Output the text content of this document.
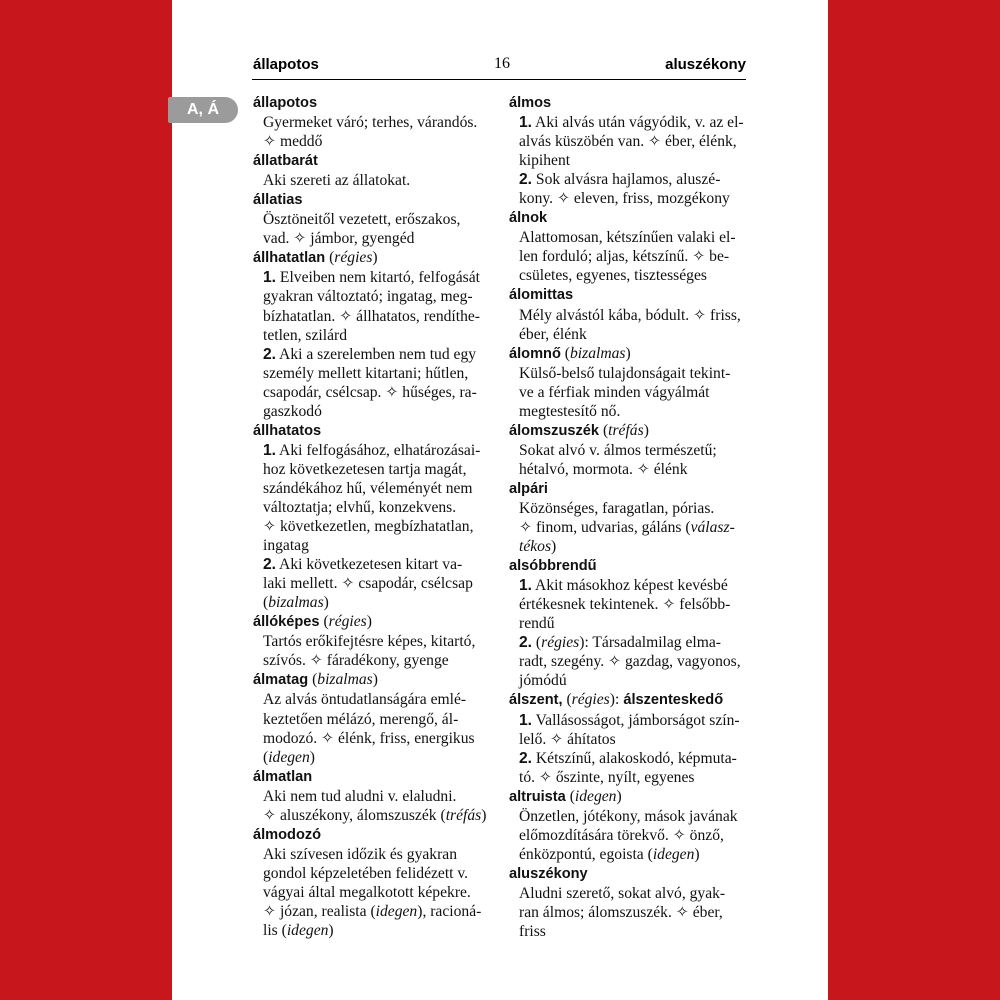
állapotos	16	aluszékony
A, Á	állapotos
Gyermeket váró; terhes, várandós.
✧ meddő
állatbarát
Aki szereti az állatokat.
állatias
Ösztöneitől vezetett, erőszakos,
vad. ✧ jámbor, gyengéd
állhatatlan (régies)
1. Elveiben nem kitartó, felfogását
gyakran változtató; ingatag, meg-
bízhatatlan. ✧ állhatatos, rendíthe-
tetlen, szilárd
2. Aki a szerelemben nem tud egy
személy mellett kitartani; hűtlen,
csapodár, csélcsap. ✧ hűséges, ra-
gaszkodó
állhatatos
1. Aki felfogásához, elhatározásai-
hoz következetesen tartja magát,
szándékához hű, véleményét nem
változtatja; elvhű, konzekvens.
✧ következetlen, megbízhatatlan,
ingatag
2. Aki következetesen kitart va-
laki mellett. ✧ csapodár, csélcsap
(bizalmas)
állóképes (régies)
Tartós erőkifejtésre képes, kitartó,
szívós. ✧ fáradékony, gyenge
álmatag (bizalmas)
Az alvás öntudatlanságára emlé-
keztetően mélázó, merengő, ál-
modozó. ✧ élénk, friss, energikus
(idegen)
álmatlan
Aki nem tud aludni v. elaludni.
✧ aluszékony, álomszuszék (tréfás)
álmodozó
Aki szívesen időzik és gyakran
gondol képzeletében felidézett v.
vágyai által megalkotott képekre.
✧ józan, realista (idegen), racioná-
lis (idegen)
álmos
1. Aki alvás után vágyódik, v. az el-
alvás küszöbén van. ✧ éber, élénk,
kipihent
2. Sok alvásra hajlamos, aluszé-
kony. ✧ eleven, friss, mozgékony
álnok
Alattomosan, kétszínűen valaki el-
len forduló; aljas, kétszínű. ✧ be-
csületes, egyenes, tisztességes
álomittas
Mély alvástól kába, bódult. ✧ friss,
éber, élénk
álomnő (bizalmas)
Külső-belső tulajdonságait tekint-
ve a férfiak minden vágyálmát
megtestesítő nő.
álomszuszék (tréfás)
Sokat alvó v. álmos természetű;
hétalvó, mormota. ✧ élénk
alpári
Közönséges, faragatlan, pórias.
✧ finom, udvarias, gáláns (válasz-
tékos)
alsóbbrendű
1. Akit másokhoz képest kevésbé
értékesnek tekintenek. ✧ felsőbb-
rendű
2. (régies): Társadalmilag elma-
radt, szegény. ✧ gazdag, vagyonos,
jómódú
álszent, (régies): álszenteskedő
1. Vallásosságot, jámborságot szín-
lelő. ✧ áhítatos
2. Kétszínű, alakoskodó, képmuta-
tó. ✧ őszinte, nyílt, egyenes
altruista (idegen)
Önzetlen, jótékony, mások javának
előmozdítására törekvő. ✧ önző,
énközpontú, egoista (idegen)
aluszékony
Aludni szerető, sokat alvó, gyak-
ran álmos; álomszuszék. ✧ éber,
friss
